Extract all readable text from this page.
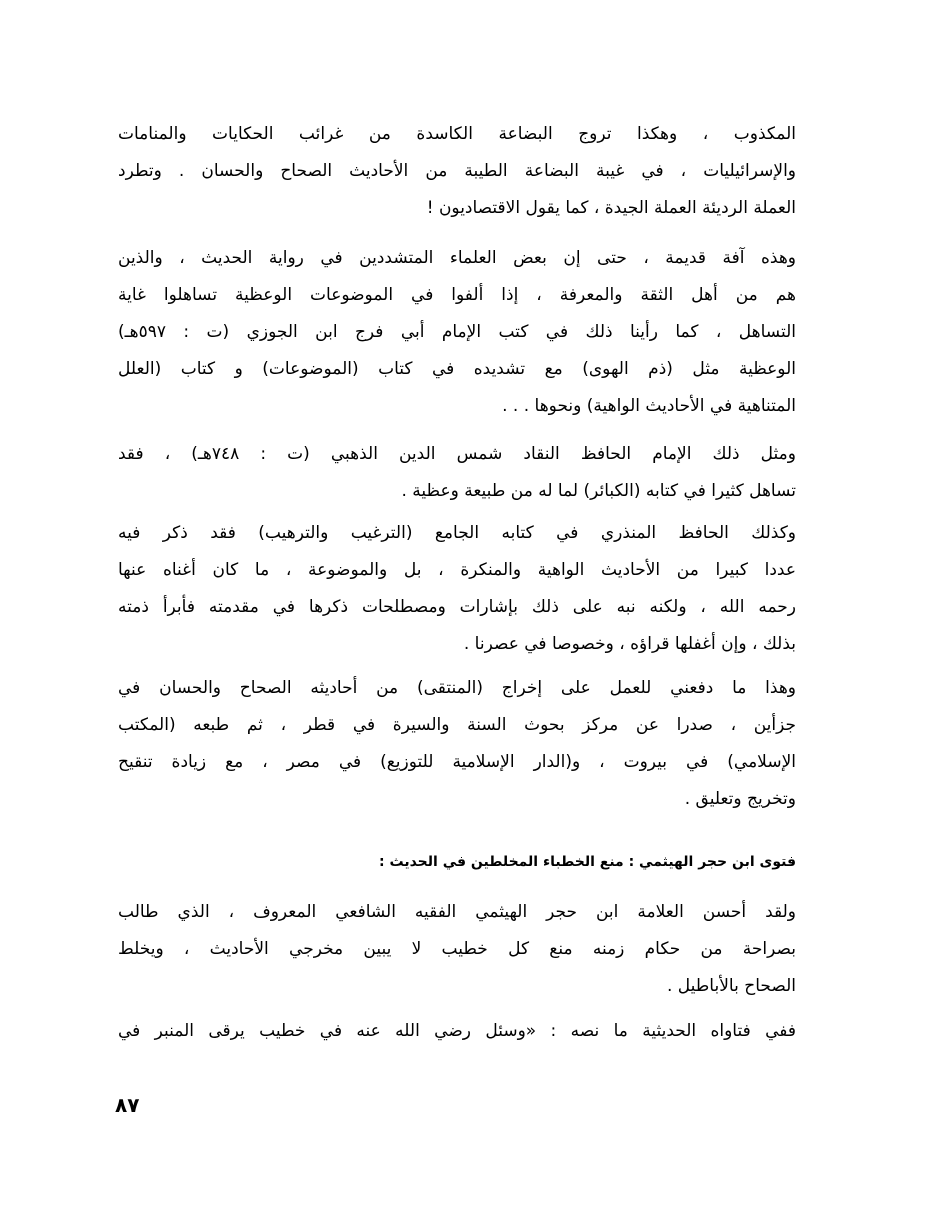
المكذوب ، وهكذا تروج البضاعة الكاسدة من غرائب الحكايات والمنامات
والإسرائيليات ، في غيبة البضاعة الطيبة من الأحاديث الصحاح والحسان . وتطرد
العملة الرديئة العملة الجيدة ، كما يقول الاقتصاديون !
وهذه آفة قديمة ، حتى إن بعض العلماء المتشددين في رواية الحديث ، والذين
هم من أهل الثقة والمعرفة ، إذا ألفوا في الموضوعات الوعظية تساهلوا غاية
التساهل ، كما رأينا ذلك في كتب الإمام أبي فرج ابن الجوزي (ت : ٥٩٧هـ)
الوعظية مثل (ذم الهوى) مع تشديده في كتاب (الموضوعات) و كتاب (العلل
المتناهية في الأحاديث الواهية) ونحوها . . .
ومثل ذلك الإمام الحافظ النقاد شمس الدين الذهبي (ت : ٧٤٨هـ) ، فقد
تساهل كثيرا في كتابه (الكبائر) لما له من طبيعة وعظية .
وكذلك الحافظ المنذري في كتابه الجامع (الترغيب والترهيب) فقد ذكر فيه
عددا كبيرا من الأحاديث الواهية والمنكرة ، بل والموضوعة ، ما كان أغناه عنها
رحمه الله ، ولكنه نبه على ذلك بإشارات ومصطلحات ذكرها في مقدمته فأبرأ ذمته
بذلك ، وإن أغفلها قراؤه ، وخصوصا في عصرنا .
وهذا ما دفعني للعمل على إخراج (المنتقى) من أحاديثه الصحاح والحسان في
جزأين ، صدرا عن مركز بحوث السنة والسيرة في قطر ، ثم طبعه (المكتب
الإسلامي) في بيروت ، و(الدار الإسلامية للتوزيع) في مصر ، مع زيادة تنقيح
وتخريج وتعليق .
فتوى ابن حجر الهيثمي : منع الخطباء المخلطين في الحديث :
ولقد أحسن العلامة ابن حجر الهيثمي الفقيه الشافعي المعروف ، الذي طالب
بصراحة من حكام زمنه منع كل خطيب لا يبين مخرجي الأحاديث ، ويخلط
الصحاح بالأباطيل .
ففي فتاواه الحديثية ما نصه : «وسئل رضي الله عنه في خطيب يرقى المنبر في
٨٧
